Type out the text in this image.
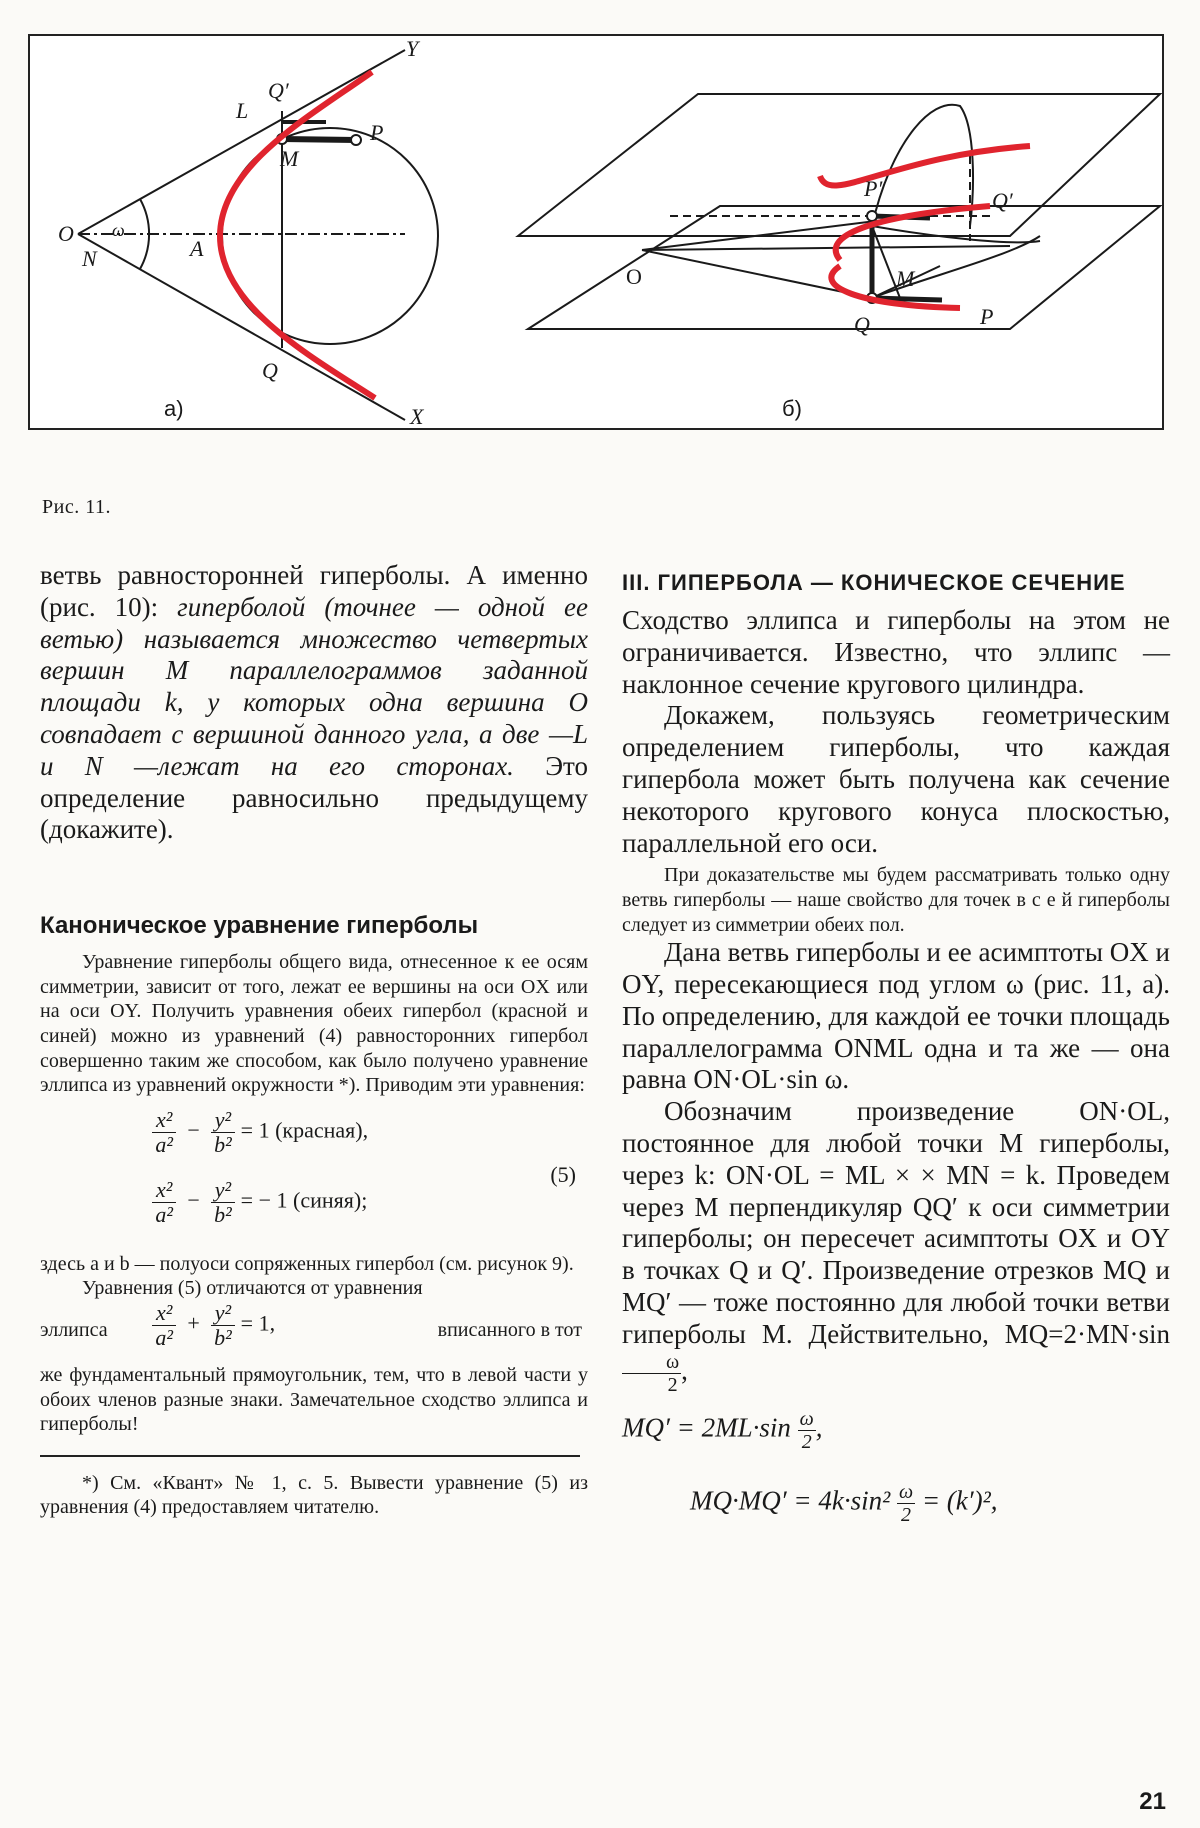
O
N
ω
A
L
Q′
M
P
Q
X
Y
а)
O
P′	Q′
M
Q	P
б)
Рис. 11.

ветвь равносторонней гиперболы. А именно (рис. 10): гиперболой (точнее — одной ее ветью) называется множество четвертых вершин M параллелограммов заданной площади k, у которых одна вершина O совпадает с вершиной данного угла, а две —L и N —лежат на его сторонах. Это определение равносильно предыдущему (докажите).

Каноническое уравнение гиперболы

Уравнение гиперболы общего вида, отнесенное к ее осям симметрии, зависит от того, лежат ее вершины на оси OX или на оси OY. Получить уравнения обеих гипербол (красной и синей) можно из уравнений (4) равносторонних гипербол совершенно таким же способом, как было получено уравнение эллипса из уравнений окружности *). Приводим эти уравнения:

$\frac{\text{x²}}{\text{a²}} - \frac{\text{y²}}{\text{b²}} = 1$ (красная),
$\frac{\text{x²}}{\text{a²}} - \frac{\text{y²}}{\text{b²}}$ = − 1 (синяя);
(5)

здесь a и b — полуоси сопряженных гипербол (см. рисунок 9).

Уравнения (5) отличаются от уравнения

эллипса $\frac{\text{x²}}{\text{a²}} + \frac{\text{y²}}{\text{b²}} = 1$,	вписанного в тот

же фундаментальный прямоугольник, тем, что в левой части у обоих членов разные знаки. Замечательное сходство эллипса и гиперболы!

*) См. «Квант» № 1, с. 5. Вывести уравнение (5) из уравнения (4) предоставляем читателю.

III. ГИПЕРБОЛА — КОНИЧЕСКОЕ СЕЧЕНИЕ

Сходство эллипса и гиперболы на этом не ограничивается. Известно, что эллипс — наклонное сечение кругового цилиндра.

Докажем, пользуясь геометрическим определением гиперболы, что каждая гипербола может быть получена как сечение некоторого кругового конуса плоскостью, параллельной его оси.

При доказательстве мы будем рассматривать только одну ветвь гиперболы — наше свойство для точек в с е й гиперболы следует из симметрии обеих пол.

Дана ветвь гиперболы и ее асимптоты OX и OY, пересекающиеся под углом ω (рис. 11, а). По определению, для каждой ее точки площадь параллелограмма ONML одна и та же — она равна ON·OL·sin ω.

Обозначим произведение ON·OL, постоянное для любой точки M гиперболы, через k: ON·OL = ML × × MN = k. Проведем через M перпендикуляр QQ′ к оси симметрии гиперболы; он пересечет асимптоты OX и OY в точках Q и Q′. Произведение отрезков MQ и MQ′ — тоже постоянно для любой точки ветви гиперболы M. Действительно, MQ=2·MN·sin
$\frac{\omega}{2}$ ,

$MQ' = 2ML\cdot\sin \frac{\omega}{2}$ ,
$MQ\cdot MQ' = 4k\cdot\sin^2 \frac{\omega}{2} = (k')^2$,
21
